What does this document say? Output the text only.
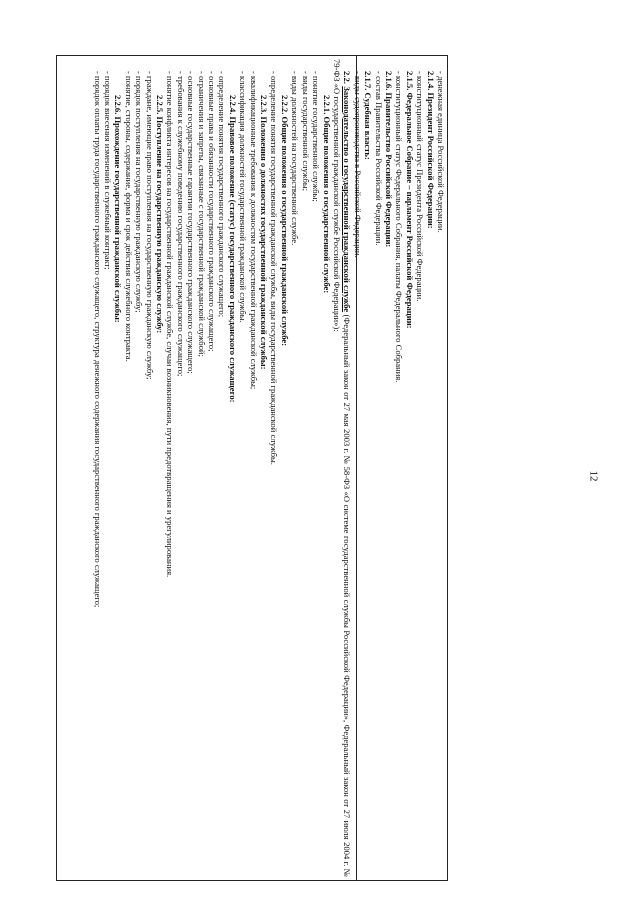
12
- денежная единица Российской Федерации.
2.1.4. Президент Российской Федерации:
- конституционный статус Президента Российской Федерации.
2.1.5. Федеральное Собрание – парламент Российской Федерации:
- конституционный статус Федерального Собрания, палаты Федерального Собрания.
2.1.6. Правительство Российской Федерации:
- состав Правительства Российской Федерации.
2.1.7. Судебная власть:
- виды судопроизводства в Российской Федерации.
2.2. Законодательство о государственной гражданской службе (Федеральный закон от 27 мая 2003 г. № 58-ФЗ «О системе государственной службы Российской Федерации», Федеральный закон от 27 июля 2004 г. № 79-ФЗ «О государственной гражданской службе Российской Федерации»):
2.2.1. Общие положения о государственной службе:
- понятие государственной службы;
- виды государственной службы;
- виды должностей на государственной службе.
2.2.2. Общие положения о государственной гражданской службе:
- определение понятия государственной гражданской службы, виды государственной гражданской службы.
2.2.3. Положения о должностях государственной гражданской службы:
- квалификационные требования к должностям государственной гражданской службы;
- классификация должностей государственной гражданской службы.
2.2.4. Правовое положение (статус) государственного гражданского служащего:
- определение понятия государственного гражданского служащего;
- основные права и обязанности государственного гражданского служащего;
- ограничения и запреты, связанные с государственной гражданской службой;
- основные государственные гарантии государственного гражданского служащего;
- требования к служебному поведению государственного гражданского служащего;
- понятие конфликта интересов на государственной гражданской службе, случаи возникновения, пути предотвращения и урегулирования.
2.2.5. Поступление на государственную гражданскую службу:
- граждане, имеющие право поступления на государственную гражданскую службу;
- порядок поступления на государственную гражданскую службу;
- понятие, стороны, содержание, форма и срок действия служебного контракта.
2.2.6. Прохождение государственной гражданской службы:
- порядок внесения изменений в служебный контракт;
- порядок оплаты труда государственного гражданского служащего, структура денежного содержания государственного гражданского служащего;
